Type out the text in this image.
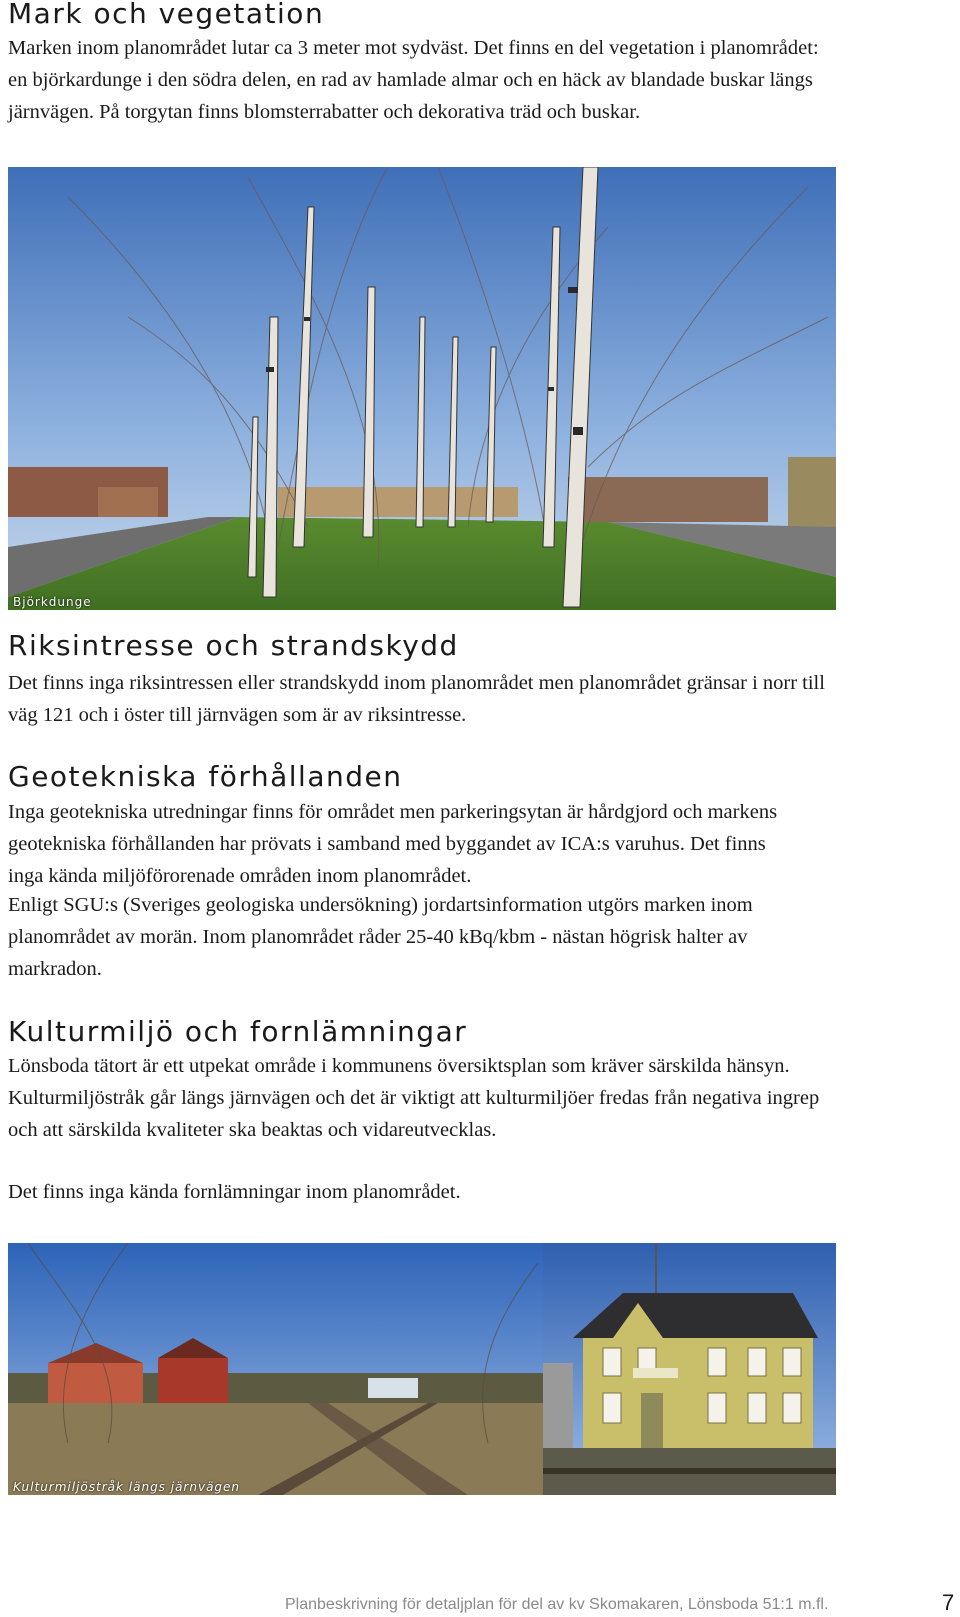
Mark och vegetation

Marken inom planområdet lutar ca 3 meter mot sydväst. Det finns en del vegetation i planområdet: en björkardunge i den södra delen, en rad av hamlade almar och en häck av blandade buskar längs järnvägen. På torgytan finns blomsterrabatter och dekorativa träd och buskar.

Björkdunge
Riksintresse och strandskydd

Det finns inga riksintressen eller strandskydd inom planområdet men planområdet gränsar i norr till väg 121 och i öster till järnvägen som är av riksintresse.

Geotekniska förhållanden

Inga geotekniska utredningar finns för området men parkeringsytan är hårdgjord och markens geotekniska förhållanden har prövats i samband med byggandet av ICA:s varuhus. Det finns inga kända miljöförorenade områden inom planområdet.

Enligt SGU:s (Sveriges geologiska undersökning) jordartsinformation utgörs marken inom planområdet av morän. Inom planområdet råder 25-40 kBq/kbm - nästan högrisk halter av markradon.

Kulturmiljö och fornlämningar

Lönsboda tätort är ett utpekat område i kommunens översiktsplan som kräver särskilda hänsyn. Kulturmiljöstråk går längs järnvägen och det är viktigt att kulturmiljöer fredas från negativa ingrep och att särskilda kvaliteter ska beaktas och vidareutvecklas.

Det finns inga kända fornlämningar inom planområdet.

Kulturmiljöstråk längs järnvägen
Planbeskrivning för detaljplan för del av kv Skomakaren, Lönsboda 51:1 m.fl.	7
